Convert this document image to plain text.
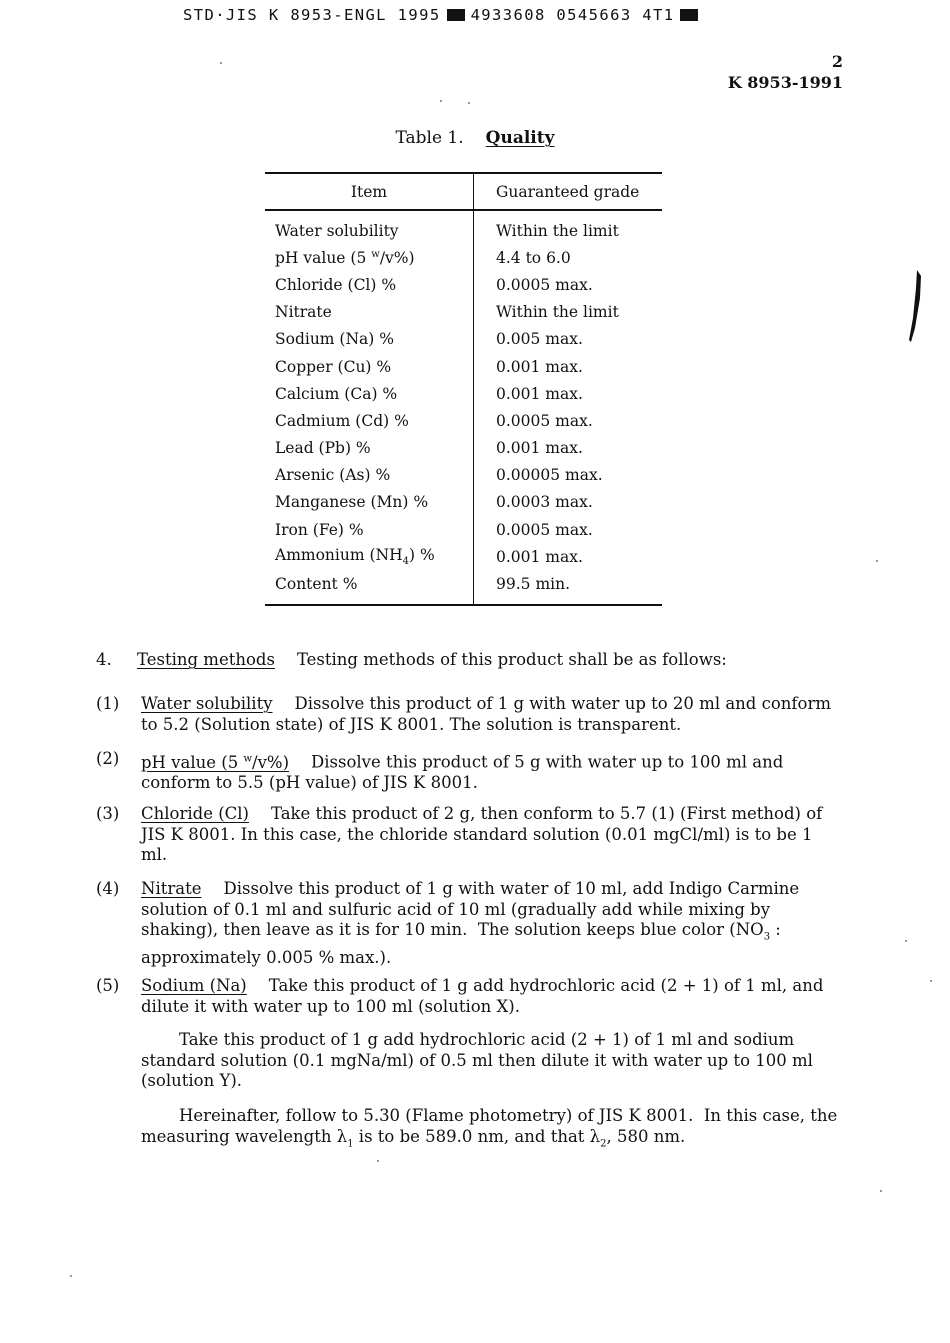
STD·JIS K 8953-ENGL 1995 4933608 0545663 4T1
2
K 8953-1991
Table 1. Quality
Item	Guaranteed grade
Water solubility	Within the limit
pH value (5 $^w$/v%)	4.4 to 6.0
Chloride (Cl) %	0.0005 max.
Nitrate	Within the limit
Sodium (Na) %	0.005 max.
Copper (Cu) %	0.001 max.
Calcium (Ca) %	0.001 max.
Cadmium (Cd) %	0.0005 max.
Lead (Pb) %	0.001 max.
Arsenic (As) %	0.00005 max.
Manganese (Mn) %	0.0003 max.
Iron (Fe) %	0.0005 max.
Ammonium $(NH_4)$ %	0.001 max.
Content %	99.5 min.
4. Testing methods Testing methods of this product shall be as follows:
(1) Water solubility Dissolve this product of 1 g with water up to 20 ml and conform to 5.2 (Solution state) of JIS K 8001. The solution is transparent.
(2) pH value (5 $^w$/v%) Dissolve this product of 5 g with water up to 100 ml and conform to 5.5 (pH value) of JIS K 8001.
(3) Chloride (Cl) Take this product of 2 g, then conform to 5.7 (1) (First method) of JIS K 8001. In this case, the chloride standard solution (0.01 mgCl/ml) is to be 1 ml.
(4) Nitrate Dissolve this product of 1 g with water of 10 ml, add Indigo Carmine solution of 0.1 ml and sulfuric acid of 10 ml (gradually add while mixing by shaking), then leave as it is for 10 min.  The solution keeps blue color ($NO_3$ : approximately 0.005 % max.).
(5) Sodium (Na) Take this product of 1 g add hydrochloric acid (2 + 1) of 1 ml, and dilute it with water up to 100 ml (solution X).
Take this product of 1 g add hydrochloric acid (2 + 1) of 1 ml and sodium standard solution (0.1 mgNa/ml) of 0.5 ml then dilute it with water up to 100 ml (solution Y).
Hereinafter, follow to 5.30 (Flame photometry) of JIS K 8001.  In this case, the measuring wavelength $\lambda_1$ is to be 589.0 nm, and that $\lambda_2$, 580 nm.
